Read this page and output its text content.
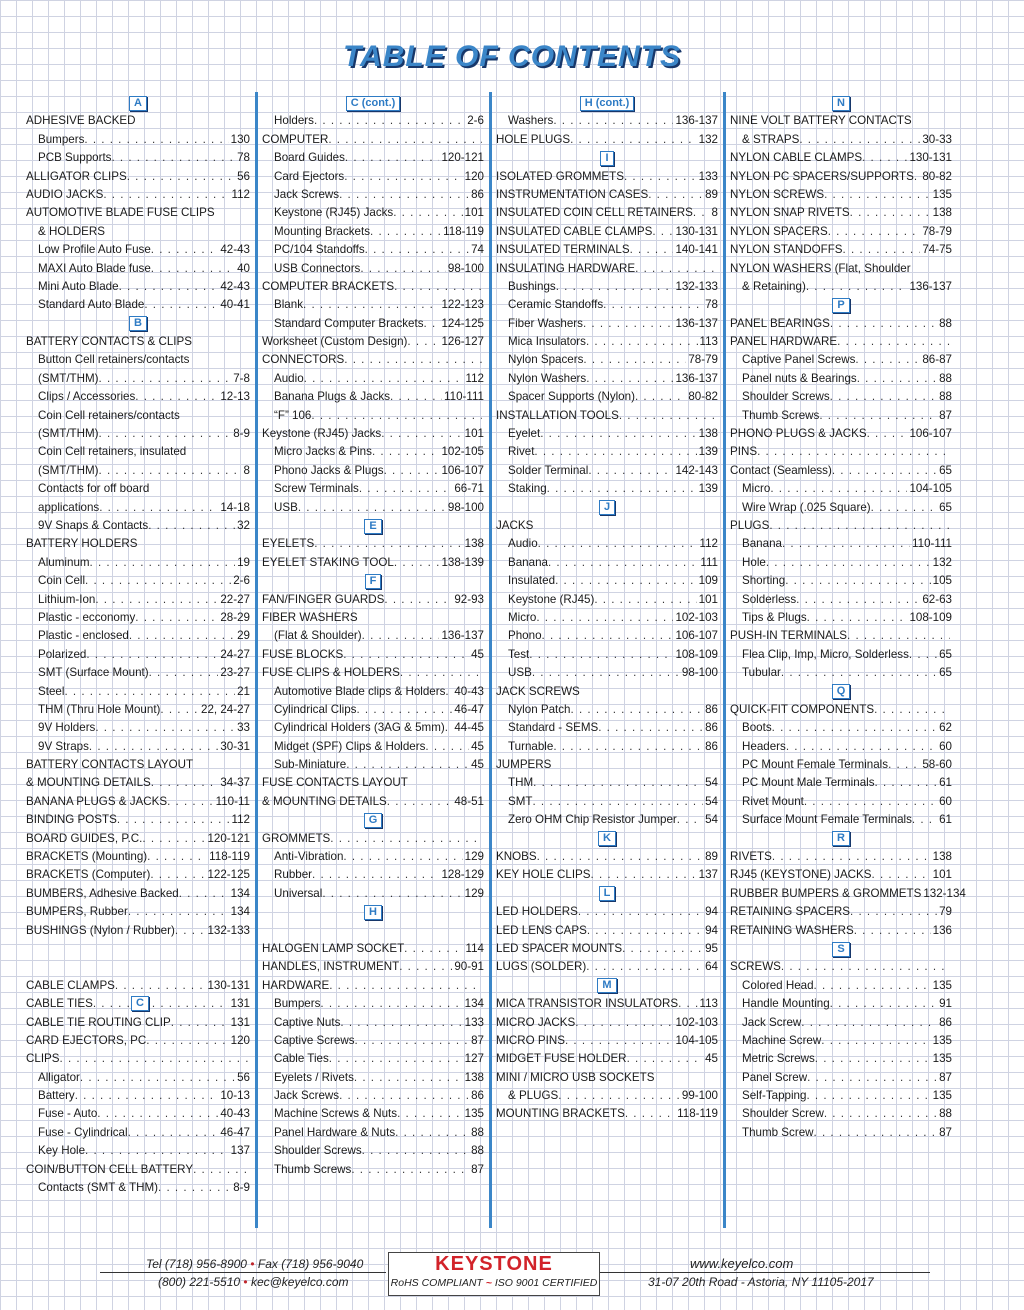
TABLE OF CONTENTS
A
ADHESIVE BACKED
Bumpers . . .	130
PCB Supports . . .	78
ALLIGATOR CLIPS . . .	56
AUDIO JACKS . . .	112
AUTOMOTIVE BLADE FUSE CLIPS
& HOLDERS
Low Profile Auto Fuse . . .	42-43
MAXI Auto Blade fuse . . .	40
Mini Auto Blade . . .	42-43
Standard Auto Blade . . .	40-41
B
BATTERY CONTACTS & CLIPS
Button Cell retainers/contacts
(SMT/THM) . . .	7-8
Clips / Accessories . . .	12-13
Coin Cell retainers/contacts
(SMT/THM) . . .	8-9
Coin Cell retainers, insulated
(SMT/THM) . . .	8
Contacts for off board
applications . . .	14-18
9V Snaps & Contacts . . .	32
BATTERY HOLDERS
Aluminum . . .	19
Coin Cell . . .	2-6
Lithium-Ion . . .	22-27
Plastic - ecconomy . . .	28-29
Plastic - enclosed . . .	29
Polarized . . .	24-27
SMT (Surface Mount) . . .	23-27
Steel . . .	21
THM (Thru Hole Mount) . . .	22, 24-27
9V Holders . . .	33
9V Straps . . .	30-31
BATTERY CONTACTS LAYOUT
& MOUNTING DETAILS . . .	34-37
BANANA PLUGS & JACKS . . .	110-11
BINDING POSTS . . .	112
BOARD GUIDES, P.C. . . .	120-121
BRACKETS (Mounting) . . .	118-119
BRACKETS (Computer) . . .	122-125
BUMBERS, Adhesive Backed . . .	134
BUMPERS, Rubber . . .	134
BUSHINGS (Nylon / Rubber) . . .	132-133
CABLE CLAMPS . . .	130-131
CABLE TIES . . .	131
CABLE TIE ROUTING CLIP . . .	131
CARD EJECTORS, PC . . .	120
CLIPS
. . .
Alligator . . .	56
Battery . . .	10-13
Fuse - Auto . . .	40-43
Fuse - Cylindrical . . .	46-47
Key Hole . . .	137
COIN/BUTTON CELL BATTERY
. . .
Contacts (SMT & THM) . . .	8-9
C (cont.)
Holders . . .	2-6
COMPUTER
. . .
Board Guides . . .	120-121
Card Ejectors . . .	120
Jack Screws . . .	86
Keystone (RJ45) Jacks . . .	101
Mounting Brackets . . .	118-119
PC/104 Standoffs . . .	74
USB Connectors . . .	98-100
COMPUTER BRACKETS
. . .
Blank . . .	122-123
Standard Computer Brackets . . . 124-125
Worksheet (Custom Design) . . .	126-127
CONNECTORS
. . .
Audio . . .	112
Banana Plugs & Jacks . . .	110-111
“F” 106
. . .
Keystone (RJ45) Jacks . . .	101
Micro Jacks & Pins . . .	102-105
Phono Jacks & Plugs . . .	106-107
Screw Terminals . . .	66-71
USB . . .	98-100
E
EYELETS . . .	138
EYELET STAKING TOOL . . .	138-139
F
FAN/FINGER GUARDS . . .	92-93
FIBER WASHERS
(Flat & Shoulder) . . .	136-137
FUSE BLOCKS . . .	45
FUSE CLIPS & HOLDERS
. . .
Automotive Blade clips & Holders . . . 40-43
Cylindrical Clips . . .	46-47
Cylindrical Holders (3AG & 5mm) . . . 44-45
Midget (SPF) Clips & Holders . . .	45
Sub-Miniature . . .	45
FUSE CONTACTS LAYOUT
& MOUNTING DETAILS . . .	48-51
G
GROMMETS
. . .
Anti-Vibration . . .	129
Rubber . . .	128-129
Universal . . .	129
H
HALOGEN LAMP SOCKET . . .	114
HANDLES, INSTRUMENT . . .	90-91
HARDWARE
. . .
Bumpers . . .	134
Captive Nuts . . .	133
Captive Screws . . .	87
Cable Ties . . .	127
Eyelets / Rivets . . .	138
Jack Screws . . .	86
Machine Screws & Nuts . . .	135
Panel Hardware & Nuts . . .	88
Shoulder Screws . . .	88
Thumb Screws . . .	87
H (cont.)
Washers . . .	136-137
HOLE PLUGS . . .	132
I
ISOLATED GROMMETS . . .	133
INSTRUMENTATION CASES . . .	89
INSULATED COIN CELL RETAINERS . . . 8
INSULATED CABLE CLAMPS . . . 130-131
INSULATED TERMINALS . . .	140-141
INSULATING HARDWARE
. . .
Bushings . . .	132-133
Ceramic Standoffs . . .	78
Fiber Washers . . .	136-137
Mica Insulators . . .	113
Nylon Spacers . . .	78-79
Nylon Washers . . .	136-137
Spacer Supports (Nylon) . . .	80-82
INSTALLATION TOOLS
. . .
Eyelet . . .	138
Rivet . . .	139
Solder Terminal . . .	142-143
Staking . . .	139
J
JACKS
Audio . . .	112
Banana . . .	111
Insulated . . .	109
Keystone (RJ45) . . .	101
Micro . . .	102-103
Phono . . .	106-107
Test . . .	108-109
USB . . .	98-100
JACK SCREWS
Nylon Patch . . .	86
Standard - SEMS . . .	86
Turnable . . .	86
JUMPERS
THM . . .	54
SMT . . .	54
Zero OHM Chip Resistor Jumper . . . 54
K
KNOBS . . .	89
KEY HOLE CLIPS . . .	137
L
LED HOLDERS . . .	94
LED LENS CAPS . . .	94
LED SPACER MOUNTS . . .	95
LUGS (SOLDER) . . .	64
M
MICA TRANSISTOR INSULATORS . . . 113
MICRO JACKS . . .	102-103
MICRO PINS . . .	104-105
MIDGET FUSE HOLDER . . .	45
MINI / MICRO USB SOCKETS
& PLUGS . . .	99-100
MOUNTING BRACKETS . . .	118-119
N
NINE VOLT BATTERY CONTACTS
& STRAPS . . .	30-33
NYLON CABLE CLAMPS . . .	130-131
NYLON PC SPACERS/SUPPORTS . . . 80-82
NYLON SCREWS . . .	135
NYLON SNAP RIVETS . . .	138
NYLON SPACERS . . .	78-79
NYLON STANDOFFS . . .	74-75
NYLON WASHERS (Flat, Shoulder
& Retaining) . . .	136-137
P
PANEL BEARINGS . . .	88
PANEL HARDWARE
. . .
Captive Panel Screws . . .	86-87
Panel nuts & Bearings . . .	88
Shoulder Screws . . .	88
Thumb Screws . . .	87
PHONO PLUGS & JACKS . . .	106-107
PINS
. . .
Contact (Seamless) . . .	65
Micro . . .	104-105
Wire Wrap (.025 Square) . . .	65
PLUGS
. . .
Banana . . .	110-111
Hole . . .	132
Shorting . . .	105
Solderless . . .	62-63
Tips & Plugs . . .	108-109
PUSH-IN TERMINALS
. . .
Flea Clip, Imp, Micro, Solderless . . .	65
Tubular . . .	65
Q
QUICK-FIT COMPONENTS
. . .
Boots . . .	62
Headers . . .	60
PC Mount Female Terminals . . .	58-60
PC Mount Male Terminals . . .	61
Rivet Mount . . .	60
Surface Mount Female Terminals . . . 61
R
RIVETS . . .	138
RJ45 (KEYSTONE) JACKS . . .	101
RUBBER BUMPERS & GROMMETS 132-134
RETAINING SPACERS . . .	79
RETAINING WASHERS . . .	136
S
SCREWS
. . .
Colored Head . . .	135
Handle Mounting . . .	91
Jack Screw . . .	86
Machine Screw . . .	135
Metric Screws . . .	135
Panel Screw . . .	87
Self-Tapping . . .	135
Shoulder Screw . . .	88
Thumb Screw . . .	87
C
Tel (718) 956-8900 • Fax (718) 956-9040
(800) 221-5510 • kec@keyelco.com
KEYSTONE
RoHS COMPLIANT ~ ISO 9001 CERTIFIED
www.keyelco.com
31-07 20th Road - Astoria, NY 11105-2017
